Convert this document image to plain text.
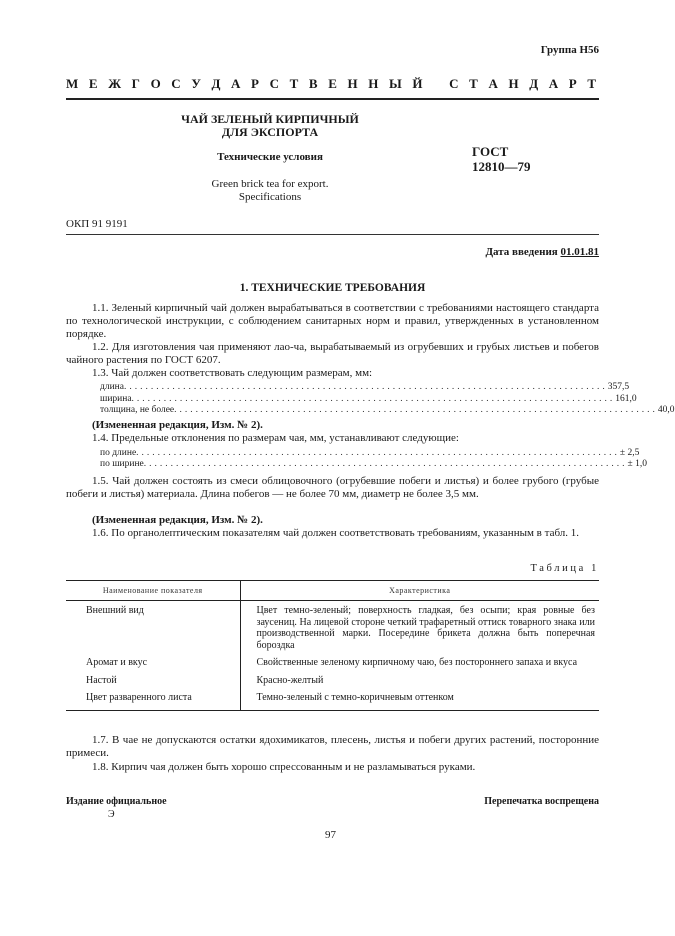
Группа Н56
М Е Ж Г О С У Д А Р С Т В Е Н Н Ы Й С Т А Н Д А Р Т
ЧАЙ ЗЕЛЕНЫЙ КИРПИЧНЫЙ
ДЛЯ ЭКСПОРТА
Технические условия	ГОСТ
12810—79
Green brick tea for export.
Specifications
ОКП 91 9191
Дата введения 01.01.81
1. ТЕХНИЧЕСКИЕ ТРЕБОВАНИЯ
1.1. Зеленый кирпичный чай должен вырабатываться в соответствии с требованиями настоящего стандарта по технологической инструкции, с соблюдением санитарных норм и правил, утвержденных в установленном порядке.
1.2. Для изготовления чая применяют лао-ча, вырабатываемый из огрубевших и грубых листьев и побегов чайного растения по ГОСТ 6207.
1.3. Чай должен соответствовать следующим размерам, мм:
длина .......................................................................................... 357,5
ширина .......................................................................................... 161,0
толщина, не более .......................................................................................... 40,0
(Измененная редакция, Изм. № 2).
1.4. Предельные отклонения по размерам чая, мм, устанавливают следующие:
по длине .......................................................................................... ± 2,5
по ширине .......................................................................................... ± 1,0
1.5. Чай должен состоять из смеси облицовочного (огрубевшие побеги и листья) и более грубого (грубые побеги и листья) материала. Длина побегов — не более 70 мм, диаметр не более 3,5 мм.
(Измененная редакция, Изм. № 2).
1.6. По органолептическим показателям чай должен соответствовать требованиям, указанным в табл. 1.
Таблица 1
Наименование показателя	Характеристика
Внешний вид	Цвет темно-зеленый; поверхность гладкая, без осыпи; края ровные без заусениц. На лицевой стороне четкий трафаретный оттиск товарного знака или производственной марки. Посередине брикета должна быть поперечная бороздка
Аромат и вкус	Свойственные зеленому кирпичному чаю, без постороннего запаха и вкуса
Настой	Красно-желтый
Цвет разваренного листа	Темно-зеленый с темно-коричневым оттенком
1.7. В чае не допускаются остатки ядохимикатов, плесень, листья и побеги других растений, посторонние примеси.
1.8. Кирпич чая должен быть хорошо спрессованным и не разламываться руками.
Издание официальное	Перепечатка воспрещена
Э
97
